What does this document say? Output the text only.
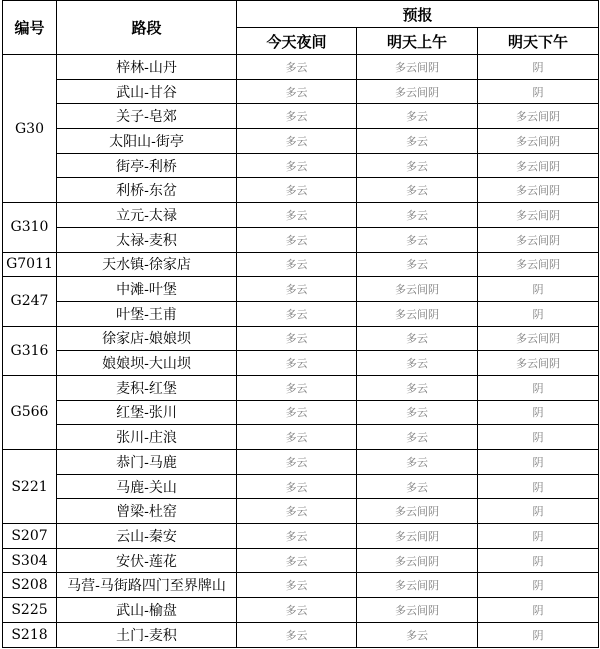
编号	路段	预报		
		今天夜间	明天上午	明天下午
G30	梓林-山丹	多云	多云间阴	阴
	武山-甘谷	多云	多云间阴	阴
	关子-皂郊	多云	多云	多云间阴
	太阳山-街亭	多云	多云	多云间阴
	街亭-利桥	多云	多云	多云间阴
	利桥-东岔	多云	多云	多云间阴
G310	立元-太禄	多云	多云	多云间阴
	太禄-麦积	多云	多云	多云间阴
G7011	天水镇-徐家店	多云	多云	多云间阴
G247	中滩-叶堡	多云	多云间阴	阴
	叶堡-王甫	多云	多云间阴	阴
G316	徐家店-娘娘坝	多云	多云	多云间阴
	娘娘坝-大山坝	多云	多云	多云间阴
G566	麦积-红堡	多云	多云	阴
	红堡-张川	多云	多云	阴
	张川-庄浪	多云	多云	阴
S221	恭门-马鹿	多云	多云	阴
	马鹿-关山	多云	多云	阴
	曾梁-杜窑	多云	多云间阴	阴
S207	云山-秦安	多云	多云间阴	阴
S304	安伏-莲花	多云	多云间阴	阴
S208	马营-马街路四门至界牌山	多云	多云间阴	阴
S225	武山-榆盘	多云	多云间阴	阴
S218	土门-麦积	多云	多云	阴
